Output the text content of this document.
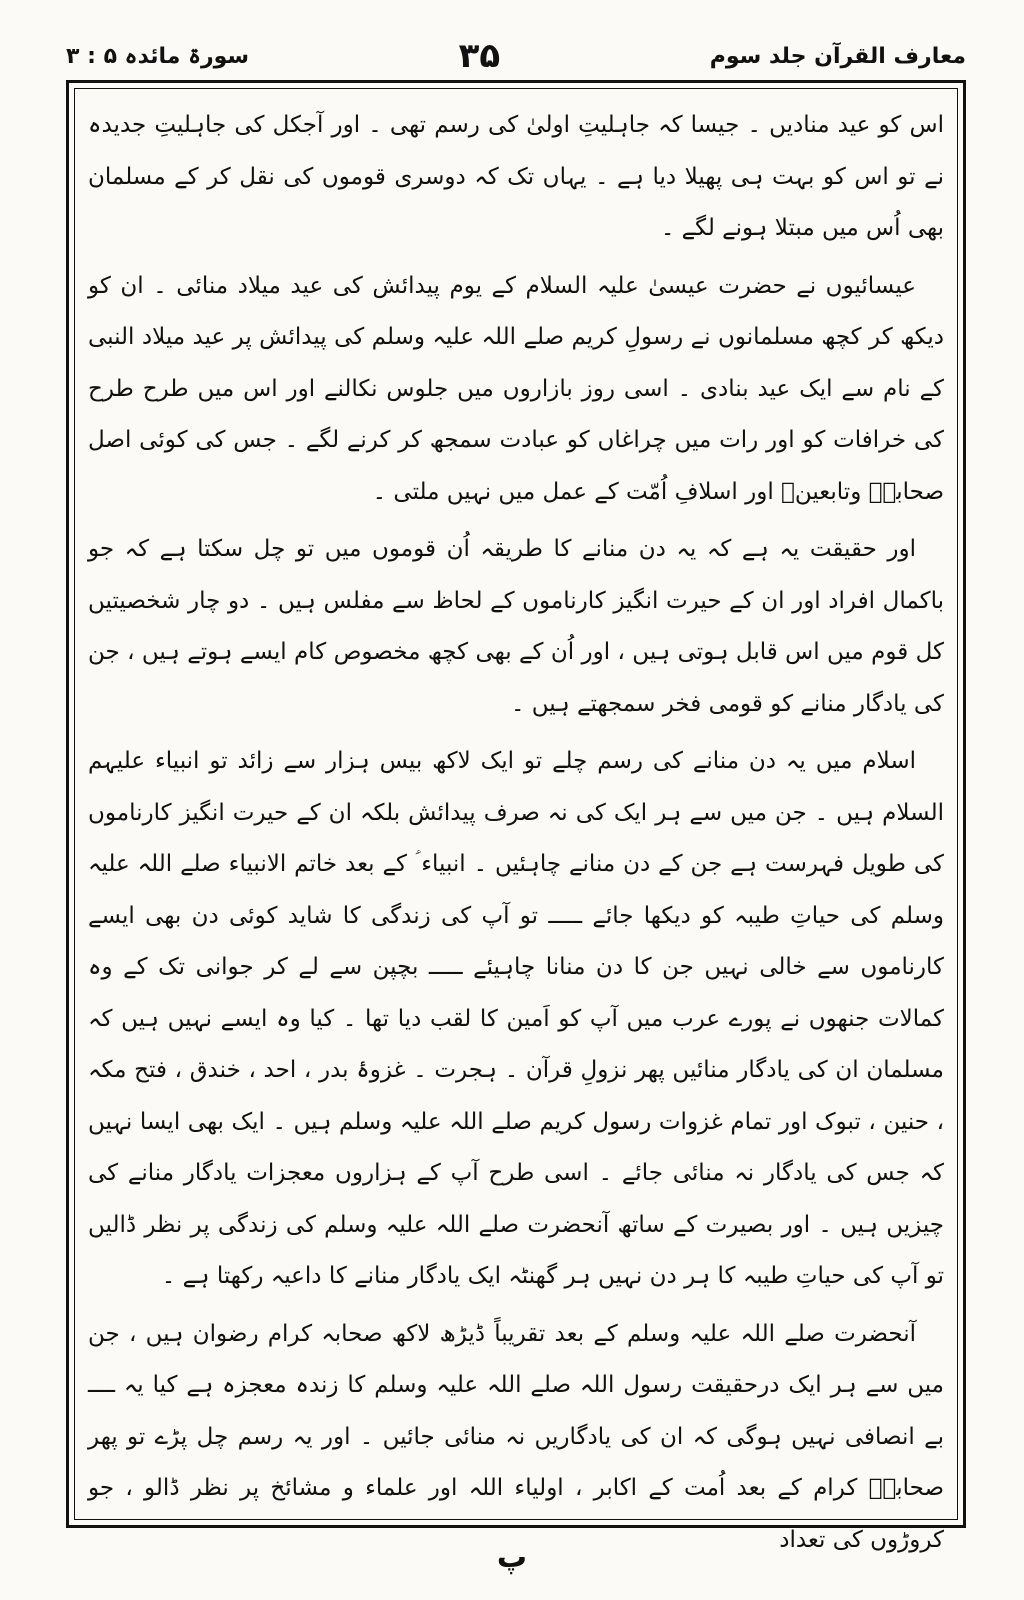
معارف القرآن جلد سوم
۳۵
سورۃ مائدہ ۵ : ۳

اس کو عید منادیں ۔ جیسا کہ جاہلیتِ اولیٰ کی رسم تھی ۔ اور آجکل کی جاہلیتِ جدیدہ نے تو اس کو بہت ہی پھیلا دیا ہے ۔ یہاں تک کہ دوسری قوموں کی نقل کر کے مسلمان بھی اُس میں مبتلا ہونے لگے ۔

عیسائیوں نے حضرت عیسیٰ علیہ السلام کے یوم پیدائش کی عید میلاد منائی ۔ ان کو دیکھ کر کچھ مسلمانوں نے رسولِ کریم صلے اللہ علیہ وسلم کی پیدائش پر عید میلاد النبی کے نام سے ایک عید بنادی ۔ اسی روز بازاروں میں جلوس نکالنے اور اس میں طرح طرح کی خرافات کو اور رات میں چراغاں کو عبادت سمجھ کر کرنے لگے ۔ جس کی کوئی اصل صحابہؓ وتابعینؒ اور اسلافِ اُمّت کے عمل میں نہیں ملتی ۔

اور حقیقت یہ ہے کہ یہ دن منانے کا طریقہ اُن قوموں میں تو چل سکتا ہے کہ جو باکمال افراد اور ان کے حیرت انگیز کارناموں کے لحاظ سے مفلس ہیں ۔ دو چار شخصیتیں کل قوم میں اس قابل ہوتی ہیں ، اور اُن کے بھی کچھ مخصوص کام ایسے ہوتے ہیں ، جن کی یادگار منانے کو قومی فخر سمجھتے ہیں ۔

اسلام میں یہ دن منانے کی رسم چلے تو ایک لاکھ بیس ہزار سے زائد تو انبیاء علیہم السلام ہیں ۔ جن میں سے ہر ایک کی نہ صرف پیدائش بلکہ ان کے حیرت انگیز کارناموں کی طویل فہرست ہے جن کے دن منانے چاہئیں ۔ انبیاء ؑ کے بعد خاتم الانبیاء صلے اللہ علیہ وسلم کی حیاتِ طیبہ کو دیکھا جائے ـــــ تو آپ کی زندگی کا شاید کوئی دن بھی ایسے کارناموں سے خالی نہیں جن کا دن منانا چاہیئے ـــــ بچپن سے لے کر جوانی تک کے وہ کمالات جنھوں نے پورے عرب میں آپ کو اَمین کا لقب دیا تھا ۔ کیا وہ ایسے نہیں ہیں کہ مسلمان ان کی یادگار منائیں پھر نزولِ قرآن ۔ ہجرت ۔ غزوۂ بدر ، احد ، خندق ، فتح مکہ ، حنین ، تبوک اور تمام غزوات رسول کریم صلے اللہ علیہ وسلم ہیں ۔ ایک بھی ایسا نہیں کہ جس کی یادگار نہ منائی جائے ۔ اسی طرح آپ کے ہزاروں معجزات یادگار منانے کی چیزیں ہیں ۔ اور بصیرت کے ساتھ آنحضرت صلے اللہ علیہ وسلم کی زندگی پر نظر ڈالیں تو آپ کی حیاتِ طیبہ کا ہر دن نہیں ہر گھنٹہ ایک یادگار منانے کا داعیہ رکھتا ہے ۔

آنحضرت صلے اللہ علیہ وسلم کے بعد تقریباً ڈیڑھ لاکھ صحابہ کرام رضوان ہیں ، جن میں سے ہر ایک درحقیقت رسول اللہ صلے اللہ علیہ وسلم کا زندہ معجزہ ہے کیا یہ ــــ بے انصافی نہیں ہوگی کہ ان کی یادگاریں نہ منائی جائیں ۔ اور یہ رسم چل پڑے تو پھر صحابہؓ کرام کے بعد اُمت کے اکابر ، اولیاء اللہ اور علماء و مشائخ پر نظر ڈالو ، جو کروڑوں کی تعداد

پ
